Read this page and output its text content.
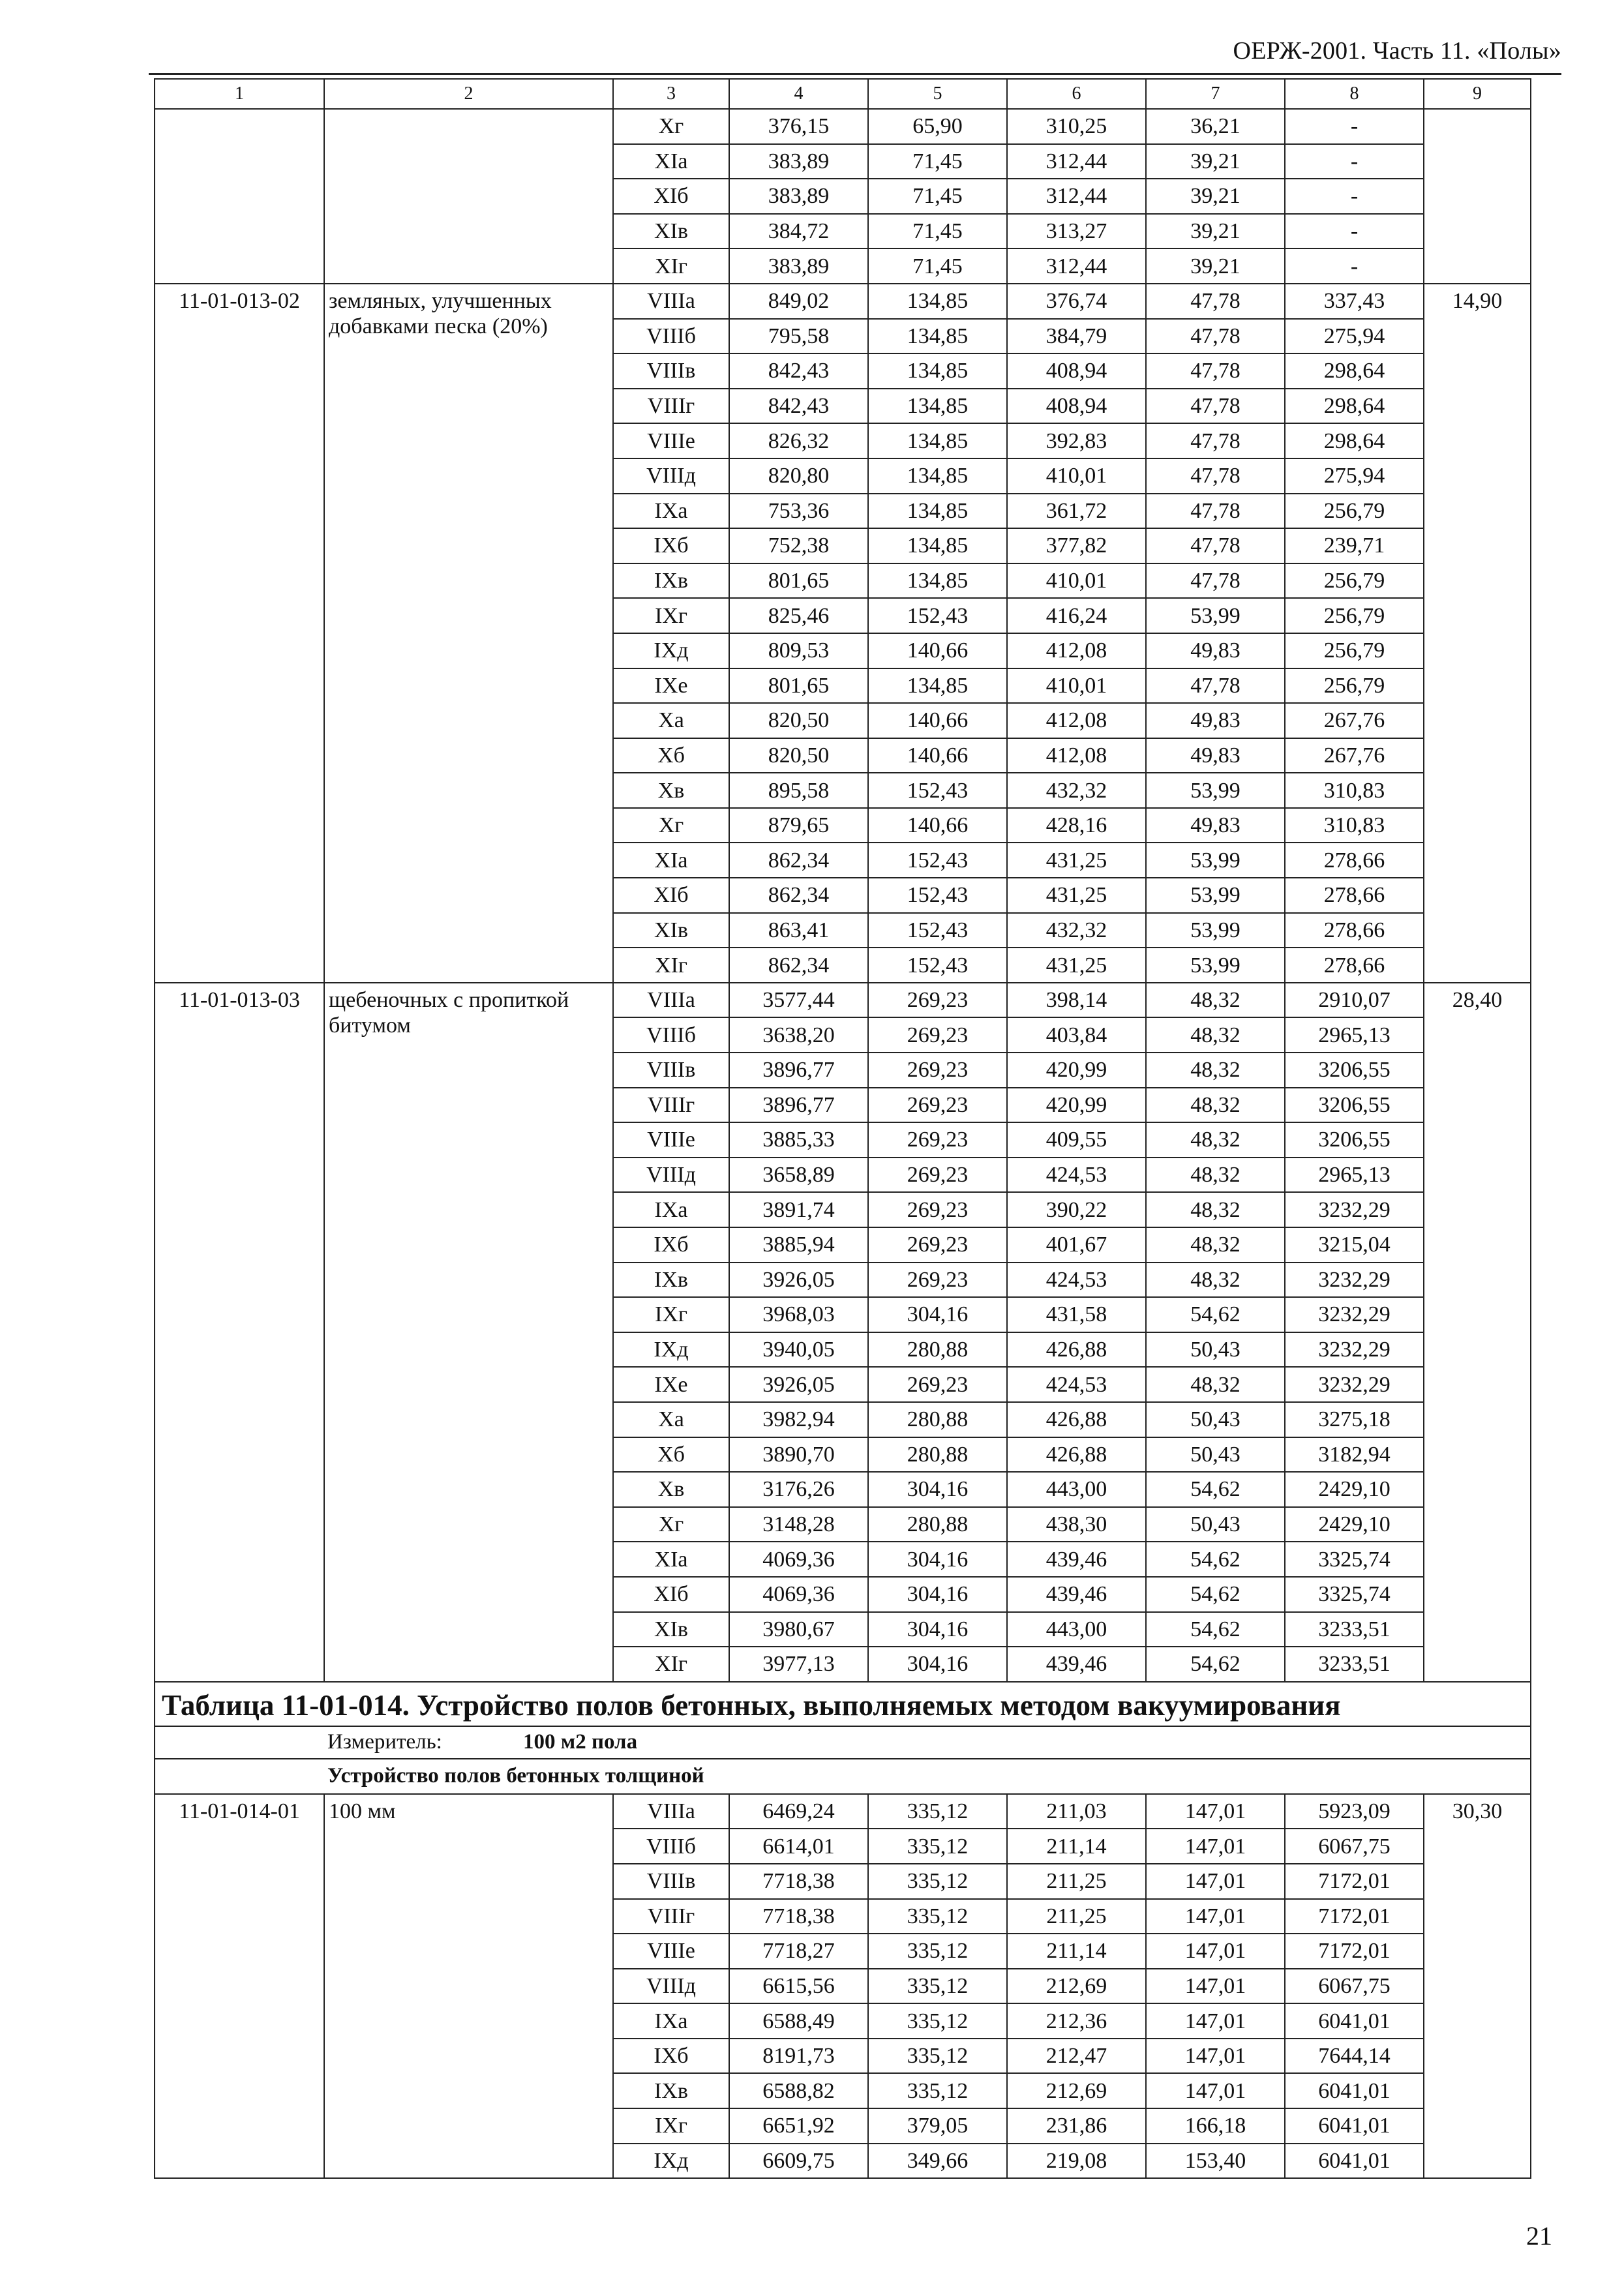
ОЕРЖ-2001. Часть 11. «Полы»
1	2	3	4	5	6	7	8	9
		Xг	376,15	65,90	310,25	36,21	-	
		XIa	383,89	71,45	312,44	39,21	-	
		XIб	383,89	71,45	312,44	39,21	-	
		XIв	384,72	71,45	313,27	39,21	-	
		XIг	383,89	71,45	312,44	39,21	-	
11-01-013-02	земляных, улучшенных добавками песка (20%)	VIIIa	849,02	134,85	376,74	47,78	337,43	14,90
		VIIIб	795,58	134,85	384,79	47,78	275,94	
		VIIIв	842,43	134,85	408,94	47,78	298,64	
		VIIIг	842,43	134,85	408,94	47,78	298,64	
		VIIIe	826,32	134,85	392,83	47,78	298,64	
		VIIIд	820,80	134,85	410,01	47,78	275,94	
		IXa	753,36	134,85	361,72	47,78	256,79	
		IXб	752,38	134,85	377,82	47,78	239,71	
		IXв	801,65	134,85	410,01	47,78	256,79	
		IXг	825,46	152,43	416,24	53,99	256,79	
		IXд	809,53	140,66	412,08	49,83	256,79	
		IXe	801,65	134,85	410,01	47,78	256,79	
		Xa	820,50	140,66	412,08	49,83	267,76	
		Xб	820,50	140,66	412,08	49,83	267,76	
		Xв	895,58	152,43	432,32	53,99	310,83	
		Xг	879,65	140,66	428,16	49,83	310,83	
		XIa	862,34	152,43	431,25	53,99	278,66	
		XIб	862,34	152,43	431,25	53,99	278,66	
		XIв	863,41	152,43	432,32	53,99	278,66	
		XIг	862,34	152,43	431,25	53,99	278,66	
11-01-013-03	щебеночных с пропиткой битумом	VIIIa	3577,44	269,23	398,14	48,32	2910,07	28,40
		VIIIб	3638,20	269,23	403,84	48,32	2965,13	
		VIIIв	3896,77	269,23	420,99	48,32	3206,55	
		VIIIг	3896,77	269,23	420,99	48,32	3206,55	
		VIIIe	3885,33	269,23	409,55	48,32	3206,55	
		VIIIд	3658,89	269,23	424,53	48,32	2965,13	
		IXa	3891,74	269,23	390,22	48,32	3232,29	
		IXб	3885,94	269,23	401,67	48,32	3215,04	
		IXв	3926,05	269,23	424,53	48,32	3232,29	
		IXг	3968,03	304,16	431,58	54,62	3232,29	
		IXд	3940,05	280,88	426,88	50,43	3232,29	
		IXe	3926,05	269,23	424,53	48,32	3232,29	
		Xa	3982,94	280,88	426,88	50,43	3275,18	
		Xб	3890,70	280,88	426,88	50,43	3182,94	
		Xв	3176,26	304,16	443,00	54,62	2429,10	
		Xг	3148,28	280,88	438,30	50,43	2429,10	
		XIa	4069,36	304,16	439,46	54,62	3325,74	
		XIб	4069,36	304,16	439,46	54,62	3325,74	
		XIв	3980,67	304,16	443,00	54,62	3233,51	
		XIг	3977,13	304,16	439,46	54,62	3233,51	
Таблица 11-01-014. Устройство полов бетонных, выполняемых методом вакуумирования								
Измеритель: 100 м2 пола								
Устройство полов бетонных толщиной								
11-01-014-01	100 мм	VIIIa	6469,24	335,12	211,03	147,01	5923,09	30,30
		VIIIб	6614,01	335,12	211,14	147,01	6067,75	
		VIIIв	7718,38	335,12	211,25	147,01	7172,01	
		VIIIг	7718,38	335,12	211,25	147,01	7172,01	
		VIIIe	7718,27	335,12	211,14	147,01	7172,01	
		VIIIд	6615,56	335,12	212,69	147,01	6067,75	
		IXa	6588,49	335,12	212,36	147,01	6041,01	
		IXб	8191,73	335,12	212,47	147,01	7644,14	
		IXв	6588,82	335,12	212,69	147,01	6041,01	
		IXг	6651,92	379,05	231,86	166,18	6041,01	
		IXд	6609,75	349,66	219,08	153,40	6041,01	
21
